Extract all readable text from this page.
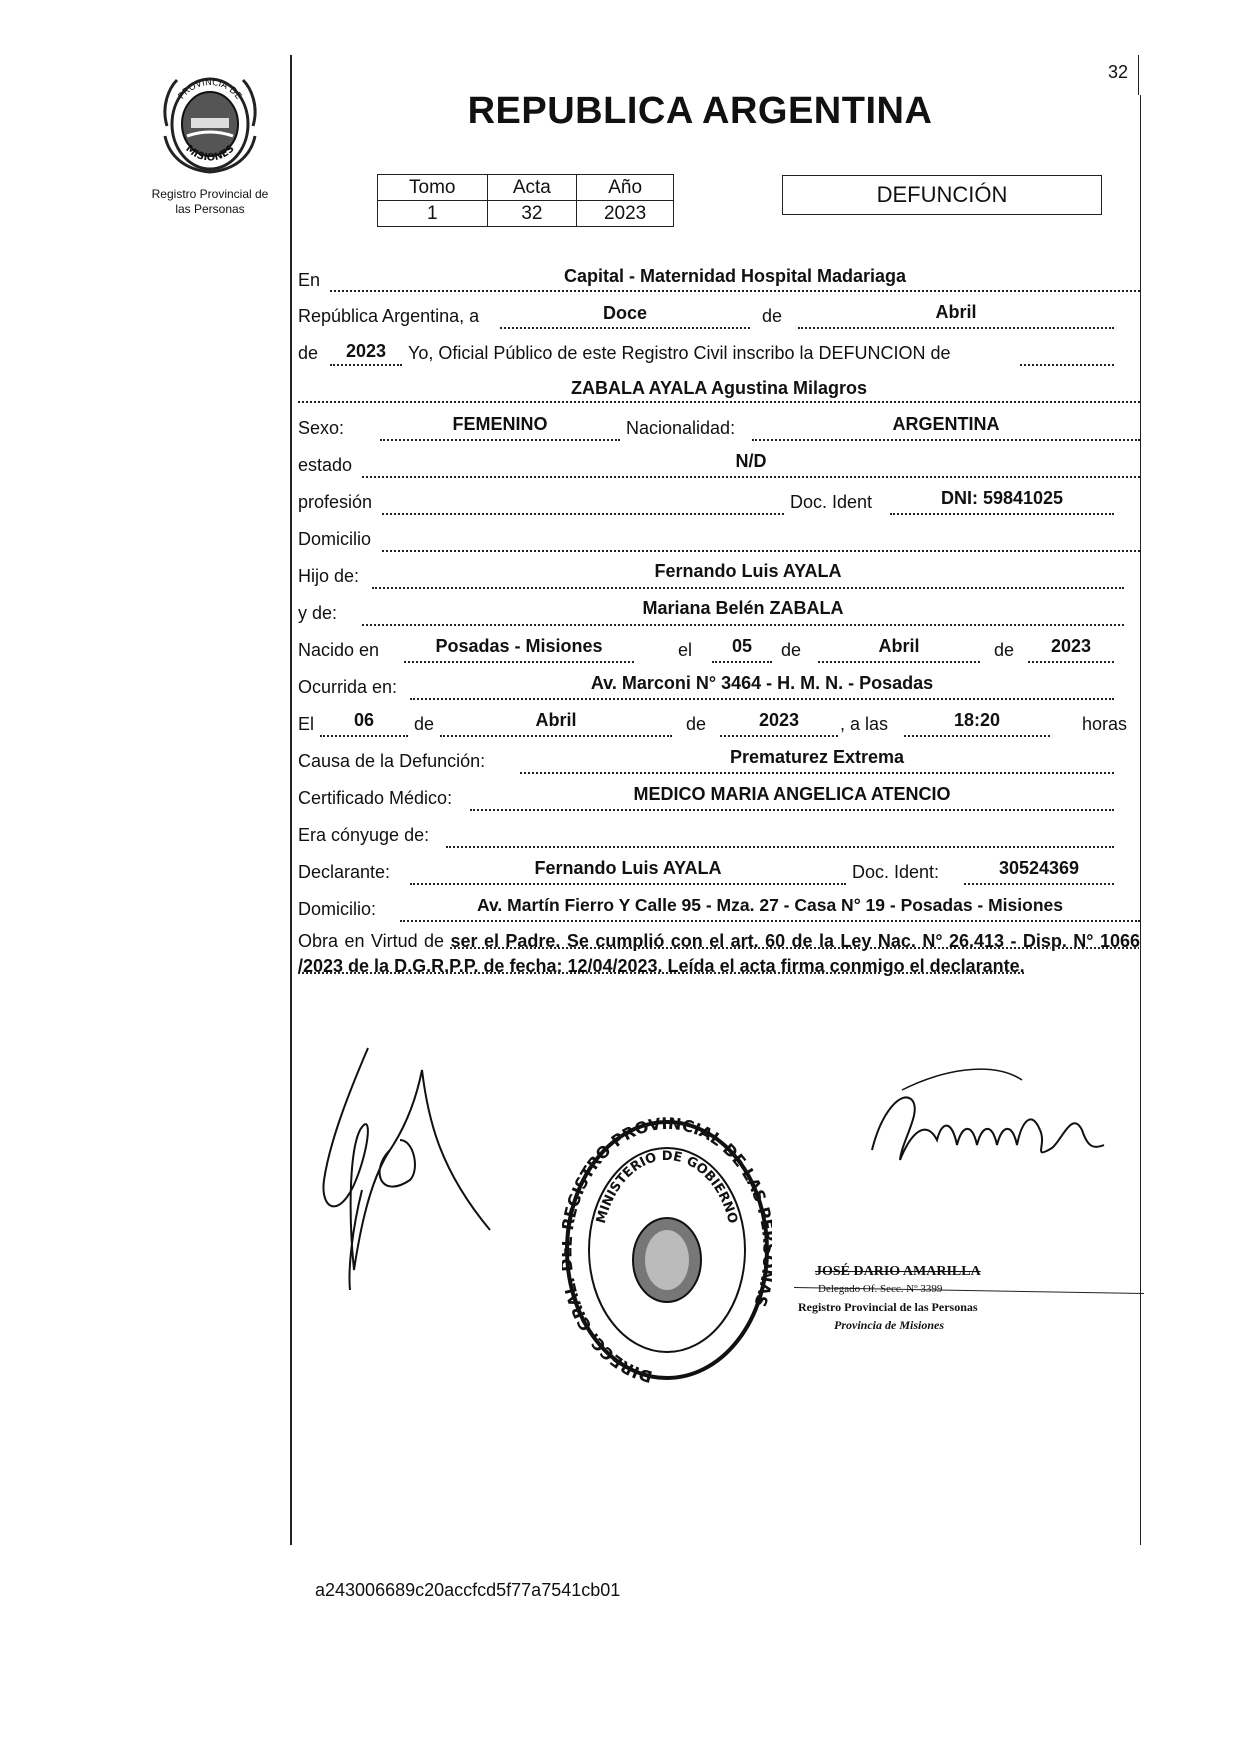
32
PROVINCIA DE
MISIONES
Registro Provincial de
las Personas
REPUBLICA ARGENTINA
Tomo	Acta	Año
1	32	2023
DEFUNCIÓN
En	Capital - Maternidad Hospital Madariaga
República Argentina, a	Doce	de	Abril
de	2023	Yo, Oficial Público de este Registro Civil inscribo la DEFUNCION de
ZABALA AYALA Agustina Milagros
Sexo:	FEMENINO	Nacionalidad:	ARGENTINA
estado	N/D
profesión	Doc. Ident	DNI: 59841025
Domicilio
Hijo de:	Fernando Luis AYALA
y de:	Mariana Belén ZABALA
Nacido en	Posadas - Misiones	el	05	de	Abril	de	2023
Ocurrida en:	Av. Marconi N° 3464 - H. M. N. - Posadas
El	06	de	Abril	de	2023	, a las	18:20	horas
Causa de la Defunción:	Prematurez Extrema
Certificado Médico:	MEDICO MARIA ANGELICA ATENCIO
Era cónyuge de:
Declarante:	Fernando Luis AYALA	Doc. Ident:	30524369
Domicilio:	Av. Martín Fierro Y Calle 95 - Mza. 27 - Casa N° 19 - Posadas - Misiones
Obra en Virtud de ser el Padre. Se cumplió con el art. 60 de la Ley Nac. N° 26.413 - Disp. N° 1066 /2023 de la D.G.R.P.P. de fecha: 12/04/2023. Leída el acta firma conmigo el declarante.
DIRECC. GRAL EGISTRO PROVINCIAL DE LAS S
MINISTERIO DE GOBIERNO
JOSÉ DARIO AMARILLA
Delegado Of. Secc. Nº 3399
Registro Provincial de las Personas
Provincia de Misiones
a243006689c20accfcd5f77a7541cb01
